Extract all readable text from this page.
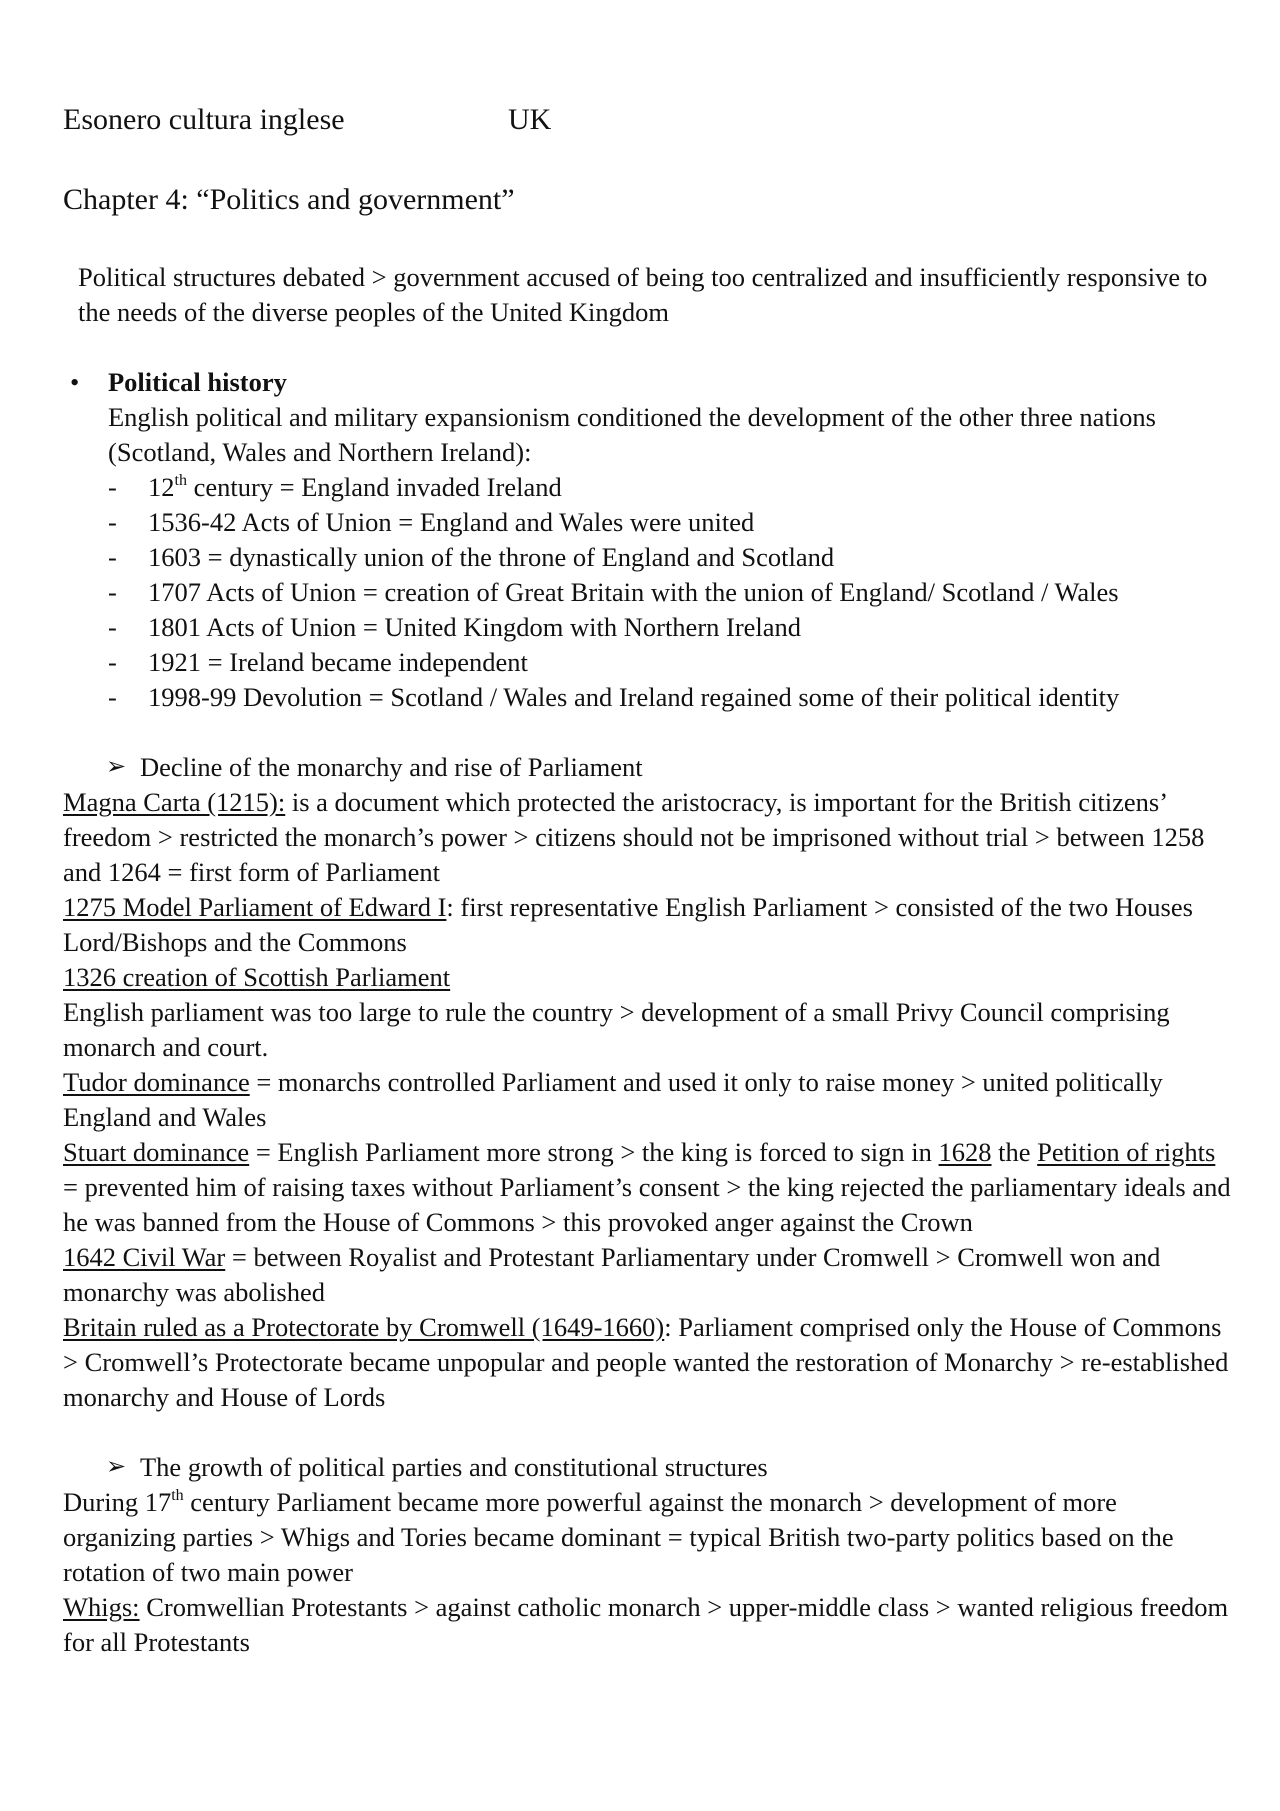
Esonero cultura inglese	UK
Chapter 4: “Politics and government”

Political structures debated > government accused of being too centralized and insufficiently responsive to the needs of the diverse peoples of the United Kingdom

• Political history

English political and military expansionism conditioned the development of the other three nations (Scotland, Wales and Northern Ireland):

- 12th century = England invaded Ireland
- 1536-42 Acts of Union = England and Wales were united
- 1603 = dynastically union of the throne of England and Scotland
- 1707 Acts of Union = creation of Great Britain with the union of England/ Scotland / Wales
- 1801 Acts of Union = United Kingdom with Northern Ireland
- 1921 = Ireland became independent
- 1998-99 Devolution = Scotland / Wales and Ireland regained some of their political identity
➢ Decline of the monarchy and rise of Parliament

Magna Carta (1215): is a document which protected the aristocracy, is important for the British citizens’ freedom > restricted the monarch’s power > citizens should not be imprisoned without trial > between 1258 and 1264 = first form of Parliament

1275 Model Parliament of Edward I: first representative English Parliament > consisted of the two Houses Lord/Bishops and the Commons

1326 creation of Scottish Parliament

English parliament was too large to rule the country > development of a small Privy Council comprising monarch and court.

Tudor dominance = monarchs controlled Parliament and used it only to raise money > united politically England and Wales

Stuart dominance = English Parliament more strong > the king is forced to sign in 1628 the Petition of rights = prevented him of raising taxes without Parliament’s consent > the king rejected the parliamentary ideals and he was banned from the House of Commons > this provoked anger against the Crown

1642 Civil War = between Royalist and Protestant Parliamentary under Cromwell > Cromwell won and monarchy was abolished

Britain ruled as a Protectorate by Cromwell (1649-1660): Parliament comprised only the House of Commons > Cromwell’s Protectorate became unpopular and people wanted the restoration of Monarchy > re-established monarchy and House of Lords

➢ The growth of political parties and constitutional structures

During 17th century Parliament became more powerful against the monarch > development of more organizing parties > Whigs and Tories became dominant = typical British two-party politics based on the rotation of two main power

Whigs: Cromwellian Protestants > against catholic monarch > upper-middle class > wanted religious freedom for all Protestants
